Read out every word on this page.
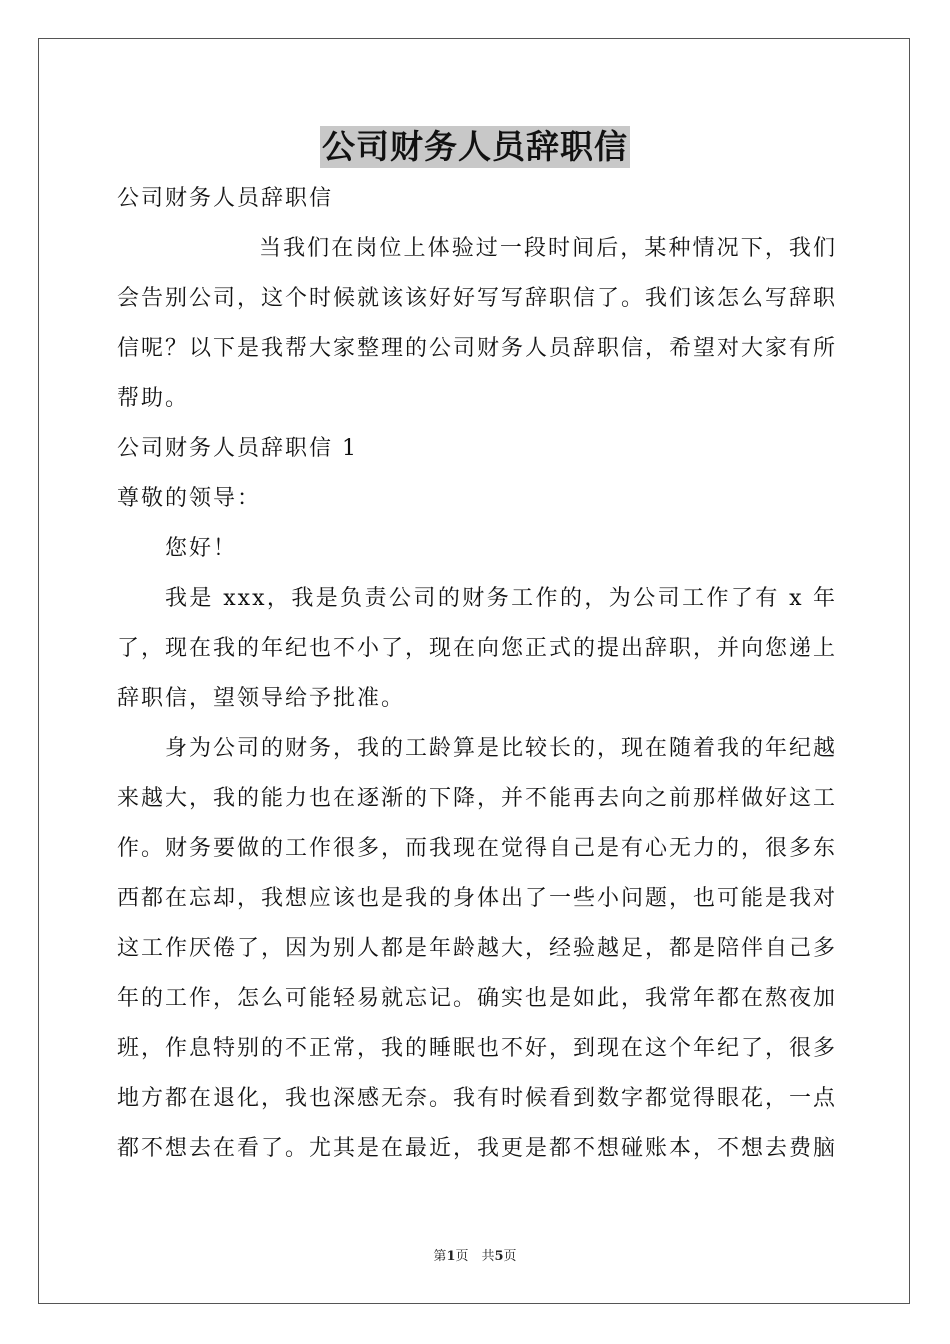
公司财务人员辞职信

公司财务人员辞职信

当我们在岗位上体验过一段时间后，某种情况下，我们会告别公司，这个时候就该该好好写写辞职信了。我们该怎么写辞职信呢？以下是我帮大家整理的公司财务人员辞职信，希望对大家有所帮助。

公司财务人员辞职信 1

尊敬的领导：

您好！

我是 xxx，我是负责公司的财务工作的，为公司工作了有 x 年了，现在我的年纪也不小了，现在向您正式的提出辞职，并向您递上辞职信，望领导给予批准。

身为公司的财务，我的工龄算是比较长的，现在随着我的年纪越来越大，我的能力也在逐渐的下降，并不能再去向之前那样做好这工作。财务要做的工作很多，而我现在觉得自己是有心无力的，很多东西都在忘却，我想应该也是我的身体出了一些小问题，也可能是我对这工作厌倦了，因为别人都是年龄越大，经验越足，都是陪伴自己多年的工作，怎么可能轻易就忘记。确实也是如此，我常年都在熬夜加班，作息特别的不正常，我的睡眠也不好，到现在这个年纪了，很多地方都在退化，我也深感无奈。我有时候看到数字都觉得眼花，一点都不想去在看了。尤其是在最近，我更是都不想碰账本，不想去费脑

第1页　共5页
